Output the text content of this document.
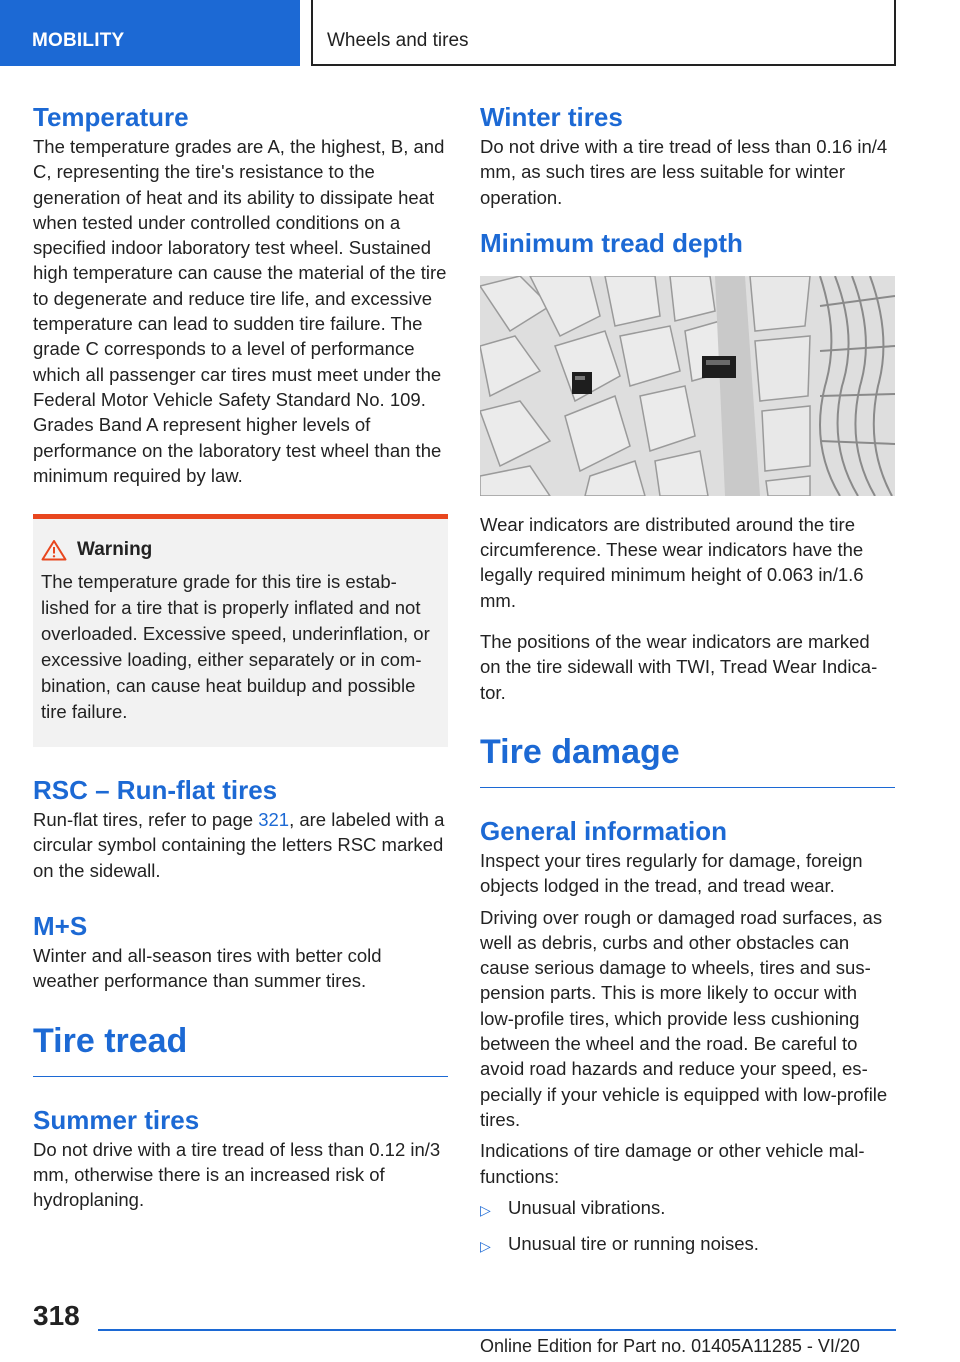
MOBILITY	Wheels and tires
Temperature

The temperature grades are A, the highest, B, and C, representing the tire's resistance to the generation of heat and its ability to dissipate heat when tested under controlled conditions on a specified indoor laboratory test wheel. Sustained high temperature can cause the material of the tire to degenerate and reduce tire life, and excessive temperature can lead to sudden tire failure. The grade C corresponds to a level of performance which all passenger car tires must meet under the Federal Motor Vehicle Safety Standard No. 109. Grades Band A represent higher levels of performance on the laboratory test wheel than the minimum required by law.

Warning

The temperature grade for this tire is established for a tire that is properly inflated and not overloaded. Excessive speed, underinflation, or excessive loading, either separately or in combination, can cause heat buildup and possible tire failure.

RSC – Run-flat tires

Run-flat tires, refer to page 321, are labeled with a circular symbol containing the letters RSC marked on the sidewall.

M+S

Winter and all-season tires with better cold weather performance than summer tires.

Tire tread
Summer tires

Do not drive with a tire tread of less than 0.12 in/3 mm, otherwise there is an increased risk of hydroplaning.

Winter tires

Do not drive with a tire tread of less than 0.16 in/4 mm, as such tires are less suitable for winter operation.

Minimum tread depth

Wear indicators are distributed around the tire circumference. These wear indicators have the legally required minimum height of 0.063 in/1.6 mm.

The positions of the wear indicators are marked on the tire sidewall with TWI, Tread Wear Indicator.

Tire damage
General information

Inspect your tires regularly for damage, foreign objects lodged in the tread, and tread wear.

Driving over rough or damaged road surfaces, as well as debris, curbs and other obstacles can cause serious damage to wheels, tires and suspension parts. This is more likely to occur with low-profile tires, which provide less cushioning between the wheel and the road. Be careful to avoid road hazards and reduce your speed, especially if your vehicle is equipped with low-profile tires.

Indications of tire damage or other vehicle malfunctions:

▷ Unusual vibrations.
▷ Unusual tire or running noises.
318
Online Edition for Part no. 01405A11285 - VI/20
